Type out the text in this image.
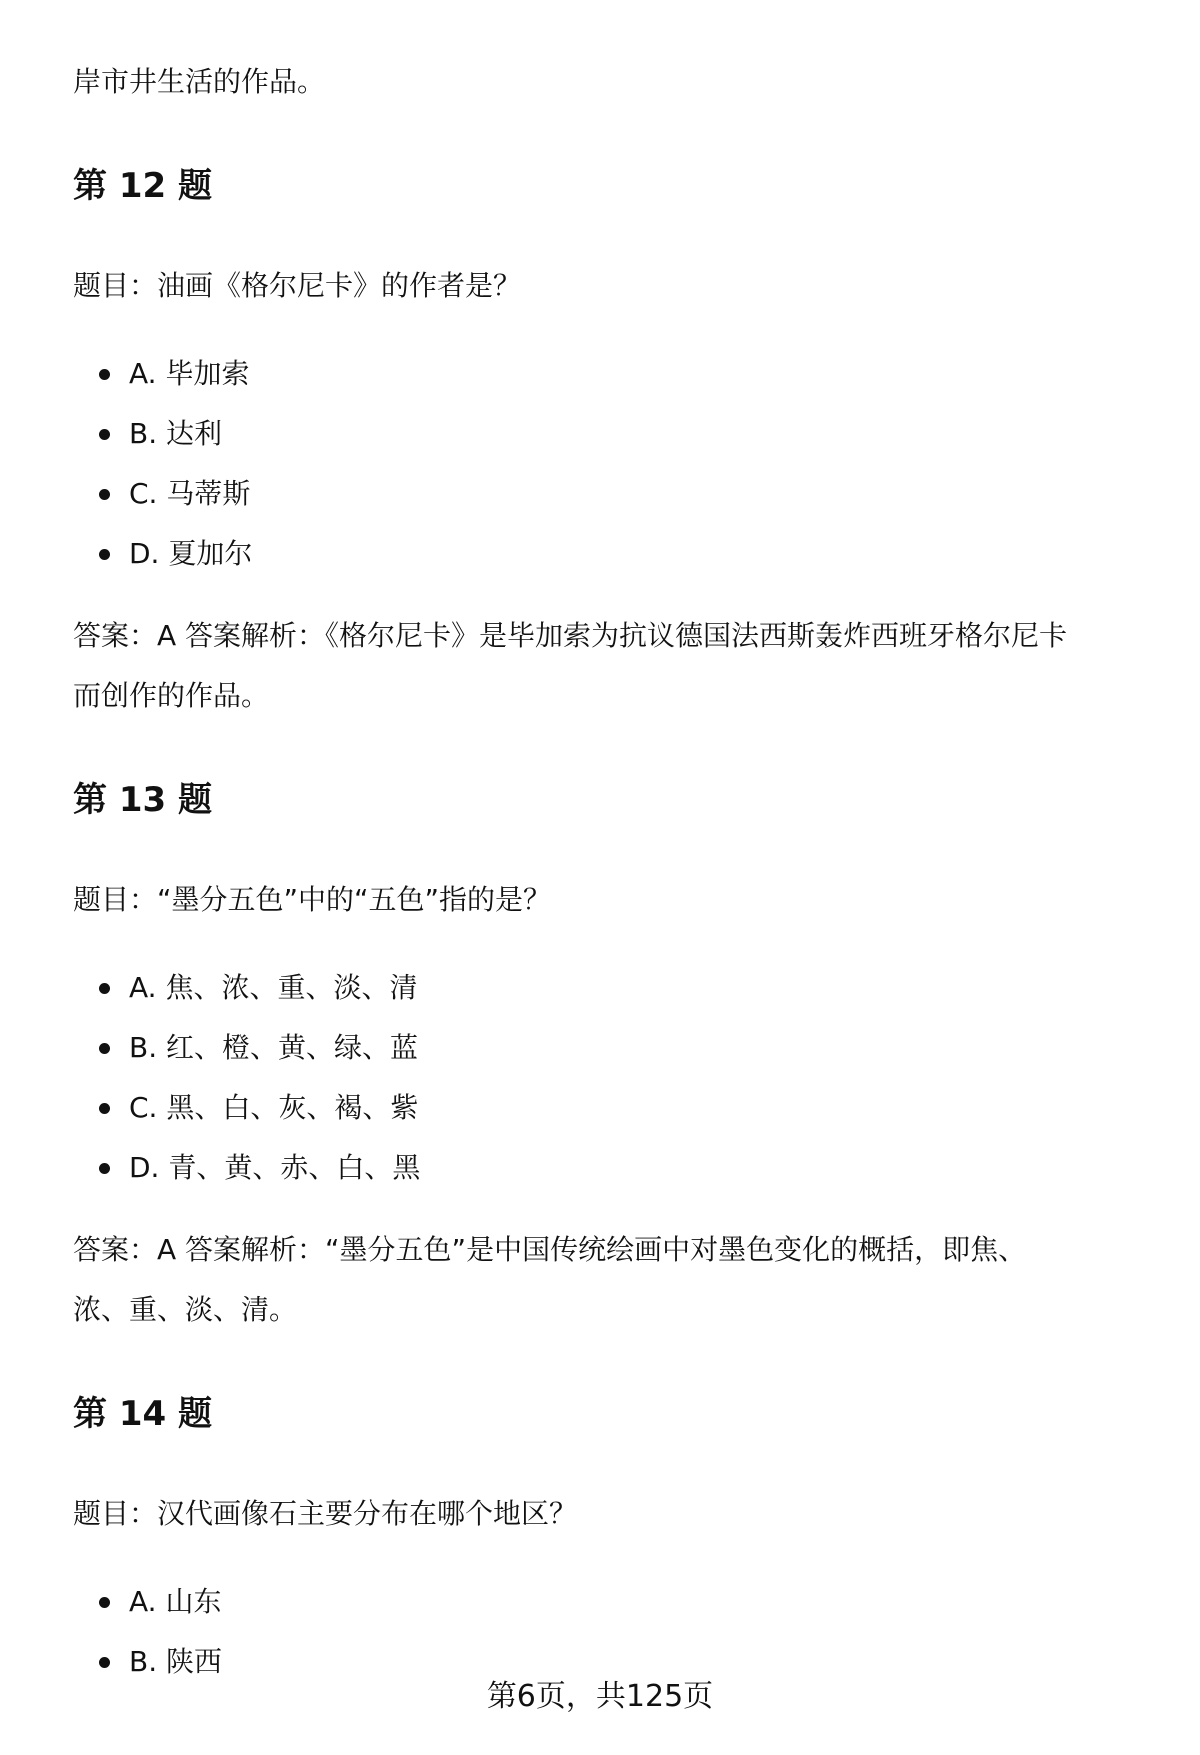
岸市井生活的作品。

第 12 题

题目：油画《格尔尼卡》的作者是？

A. 毕加索
B. 达利
C. 马蒂斯
D. 夏加尔

答案：A 答案解析：《格尔尼卡》是毕加索为抗议德国法西斯轰炸西班牙格尔尼卡
而创作的作品。

第 13 题

题目：“墨分五色”中的“五色”指的是？

A. 焦、浓、重、淡、清
B. 红、橙、黄、绿、蓝
C. 黑、白、灰、褐、紫
D. 青、黄、赤、白、黑

答案：A 答案解析：“墨分五色”是中国传统绘画中对墨色变化的概括，即焦、
浓、重、淡、清。

第 14 题

题目：汉代画像石主要分布在哪个地区？

A. 山东
B. 陕西
第6页，共125页
